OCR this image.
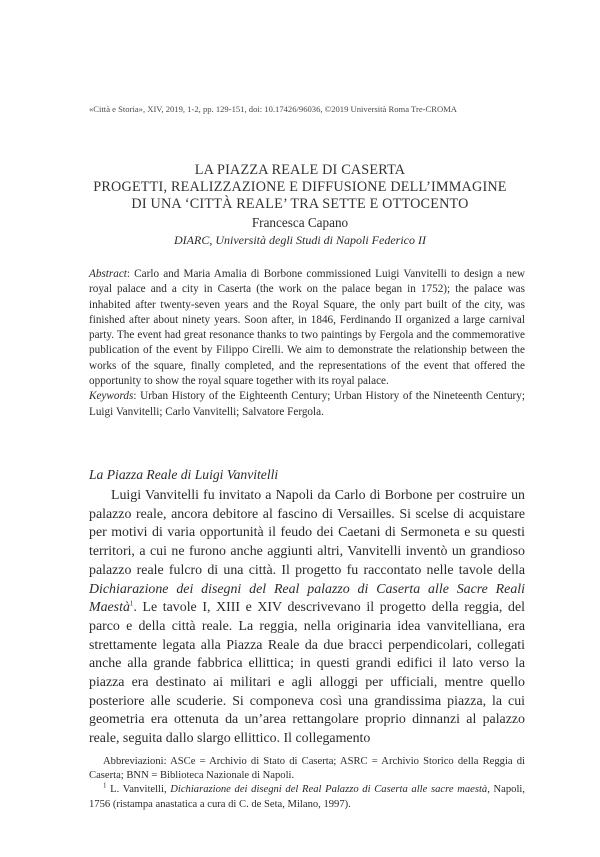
«Città e Storia», XIV, 2019, 1-2, pp. 129-151, doi: 10.17426/96036, ©2019 Università Roma Tre-CROMA
LA PIAZZA REALE DI CASERTA
PROGETTI, REALIZZAZIONE E DIFFUSIONE DELL’IMMAGINE
DI UNA ‘CITTÀ REALE’ TRA SETTE E OTTOCENTO
Francesca Capano
DIARC, Università degli Studi di Napoli Federico II

Abstract: Carlo and Maria Amalia di Borbone commissioned Luigi Vanvitelli to design a new royal palace and a city in Caserta (the work on the palace began in 1752); the palace was inhabited after twenty-seven years and the Royal Square, the only part built of the city, was finished after about ninety years. Soon after, in 1846, Ferdinando II organized a large carnival party. The event had great resonance thanks to two paintings by Fergola and the commemorative publication of the event by Filippo Cirelli. We aim to demonstrate the relationship between the works of the square, finally completed, and the representations of the event that offered the opportunity to show the royal square together with its royal palace.

Keywords: Urban History of the Eighteenth Century; Urban History of the Nineteenth Century; Luigi Vanvitelli; Carlo Vanvitelli; Salvatore Fergola.

La Piazza Reale di Luigi Vanvitelli

Luigi Vanvitelli fu invitato a Napoli da Carlo di Borbone per costruire un palazzo reale, ancora debitore al fascino di Versailles. Si scelse di acquistare per motivi di varia opportunità il feudo dei Caetani di Sermoneta e su questi territori, a cui ne furono anche aggiunti altri, Vanvitelli inventò un grandioso palazzo reale fulcro di una città. Il progetto fu raccontato nelle tavole della Dichiarazione dei disegni del Real palazzo di Caserta alle Sacre Reali Maestà$^1$. Le tavole I, XIII e XIV descrivevano il progetto della reggia, del parco e della città reale. La reggia, nella originaria idea vanvitelliana, era strettamente legata alla Piazza Reale da due bracci perpendicolari, collegati anche alla grande fabbrica ellittica; in questi grandi edifici il lato verso la piazza era destinato ai militari e agli alloggi per ufficiali, mentre quello posteriore alle scuderie. Si componeva così una grandissima piazza, la cui geometria era ottenuta da un’area rettangolare proprio dinnanzi al palazzo reale, seguita dallo slargo ellittico. Il collegamento

Abbreviazioni: ASCe = Archivio di Stato di Caserta; ASRC = Archivio Storico della Reggia di Caserta; BNN = Biblioteca Nazionale di Napoli.

$^1$ L. Vanvitelli, Dichiarazione dei disegni del Real Palazzo di Caserta alle sacre maestà, Napoli, 1756 (ristampa anastatica a cura di C. de Seta, Milano, 1997).
